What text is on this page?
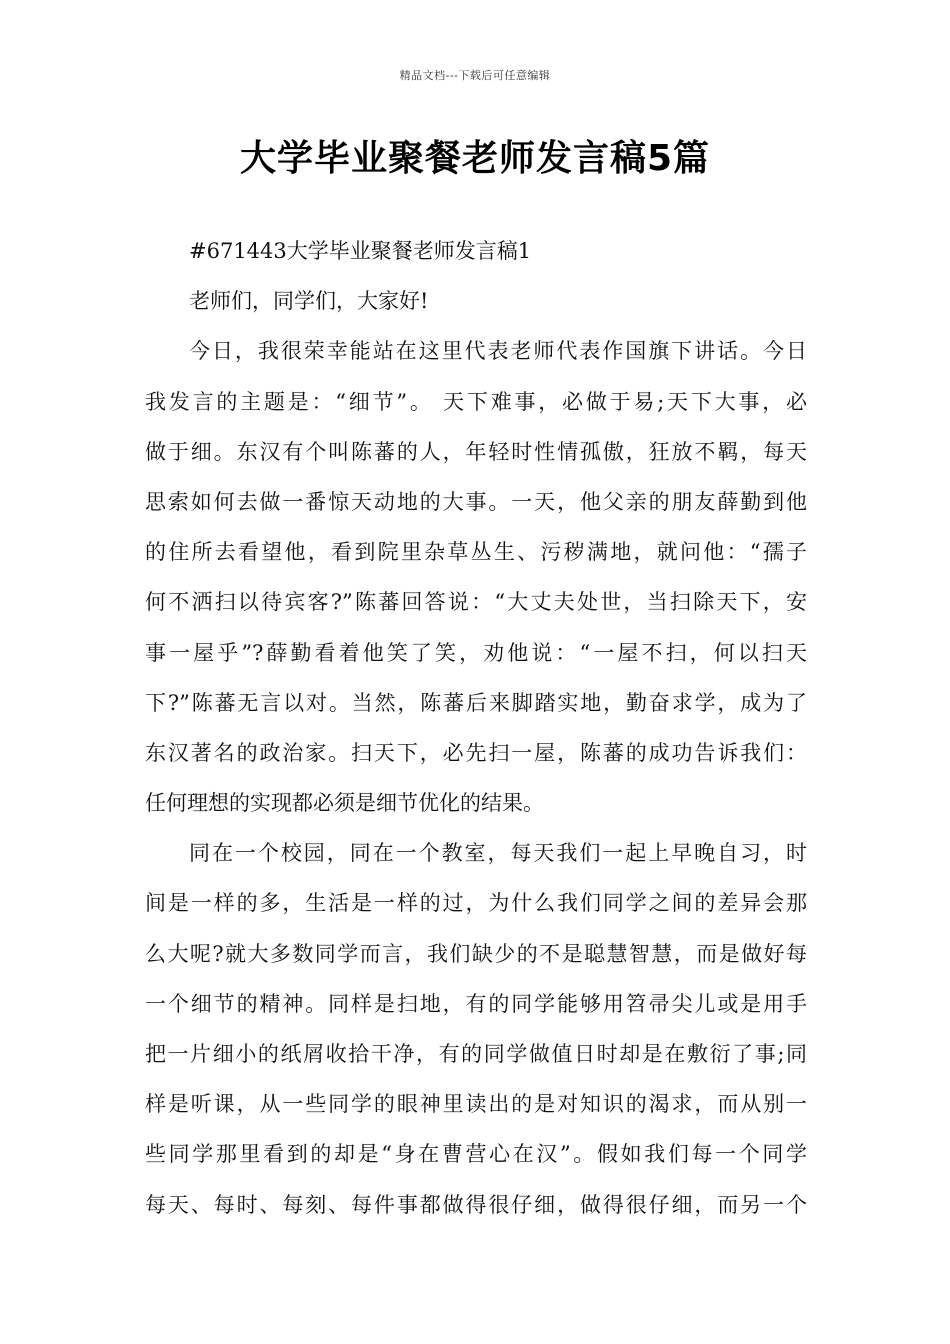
精品文档---下载后可任意编辑
大学毕业聚餐老师发言稿5篇
#671443大学毕业聚餐老师发言稿1
老师们，同学们，大家好!
今日，我很荣幸能站在这里代表老师代表作国旗下讲话。今日
我发言的主题是：“细节”。 天下难事，必做于易;天下大事，必
做于细。东汉有个叫陈蕃的人，年轻时性情孤傲，狂放不羁，每天
思索如何去做一番惊天动地的大事。一天，他父亲的朋友薛勤到他
的住所去看望他，看到院里杂草丛生、污秽满地，就问他：“孺子
何不洒扫以待宾客?”陈蕃回答说：“大丈夫处世，当扫除天下，安
事一屋乎”?薛勤看着他笑了笑，劝他说：“一屋不扫，何以扫天
下?”陈蕃无言以对。当然，陈蕃后来脚踏实地，勤奋求学，成为了
东汉著名的政治家。扫天下，必先扫一屋，陈蕃的成功告诉我们：
任何理想的实现都必须是细节优化的结果。
同在一个校园，同在一个教室，每天我们一起上早晚自习，时
间是一样的多，生活是一样的过，为什么我们同学之间的差异会那
么大呢?就大多数同学而言，我们缺少的不是聪慧智慧，而是做好每
一个细节的精神。同样是扫地，有的同学能够用笤帚尖儿或是用手
把一片细小的纸屑收拾干净，有的同学做值日时却是在敷衍了事;同
样是听课，从一些同学的眼神里读出的是对知识的渴求，而从别一
些同学那里看到的却是“身在曹营心在汉”。假如我们每一个同学
每天、每时、每刻、每件事都做得很仔细，做得很仔细，而另一个
